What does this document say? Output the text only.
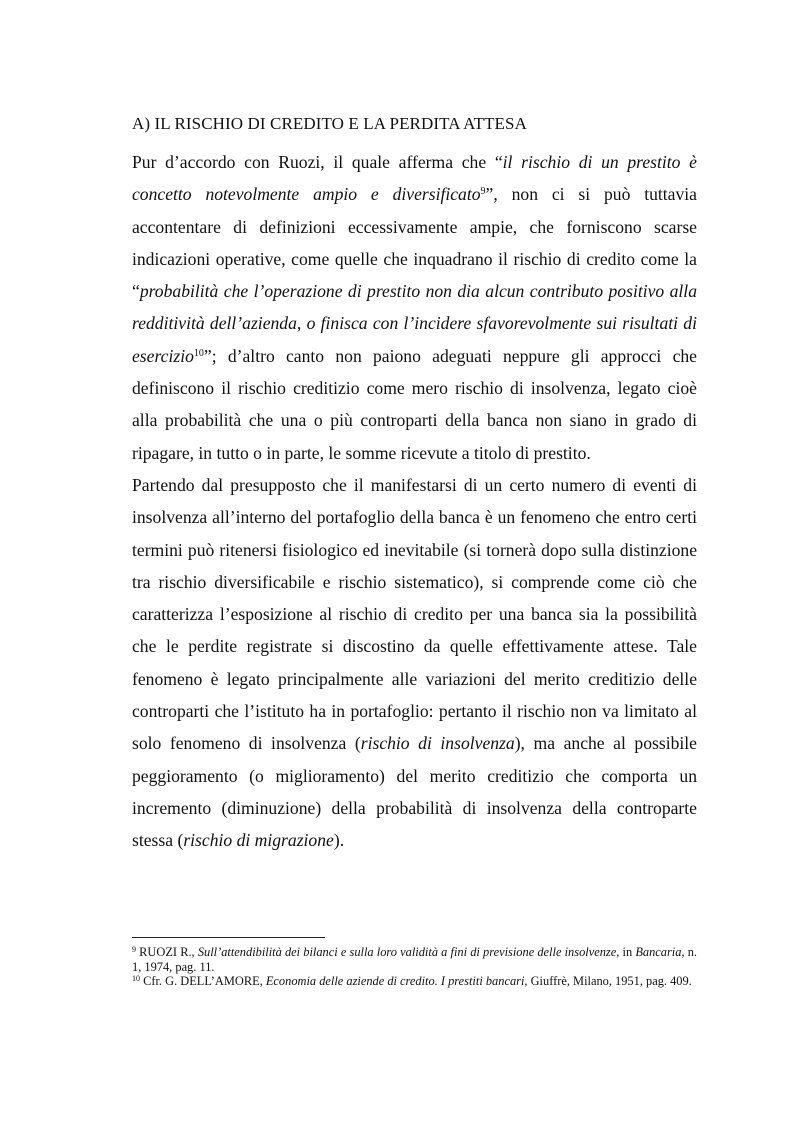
A) IL RISCHIO DI CREDITO E LA PERDITA ATTESA

Pur d’accordo con Ruozi, il quale afferma che “il rischio di un prestito è concetto notevolmente ampio e diversificato$^9$”, non ci si può tuttavia accontentare di definizioni eccessivamente ampie, che forniscono scarse indicazioni operative, come quelle che inquadrano il rischio di credito come la “probabilità che l’operazione di prestito non dia alcun contributo positivo alla redditività dell’azienda, o finisca con l’incidere sfavorevolmente sui risultati di esercizio$^{10}$”; d’altro canto non paiono adeguati neppure gli approcci che definiscono il rischio creditizio come mero rischio di insolvenza, legato cioè alla probabilità che una o più controparti della banca non siano in grado di ripagare, in tutto o in parte, le somme ricevute a titolo di prestito.

Partendo dal presupposto che il manifestarsi di un certo numero di eventi di insolvenza all’interno del portafoglio della banca è un fenomeno che entro certi termini può ritenersi fisiologico ed inevitabile (si tornerà dopo sulla distinzione tra rischio diversificabile e rischio sistematico), si comprende come ciò che caratterizza l’esposizione al rischio di credito per una banca sia la possibilità che le perdite registrate si discostino da quelle effettivamente attese. Tale fenomeno è legato principalmente alle variazioni del merito creditizio delle controparti che l’istituto ha in portafoglio: pertanto il rischio non va limitato al solo fenomeno di insolvenza (rischio di insolvenza), ma anche al possibile peggioramento (o miglioramento) del merito creditizio che comporta un incremento (diminuzione) della probabilità di insolvenza della controparte stessa (rischio di migrazione).

$^9$ RUOZI R., Sull’attendibilità dei bilanci e sulla loro validità a fini di previsione delle insolvenze, in Bancaria, n. 1, 1974, pag. 11.

$^{10}$ Cfr. G. DELL’AMORE, Economia delle aziende di credito. I prestiti bancari, Giuffrè, Milano, 1951, pag. 409.
